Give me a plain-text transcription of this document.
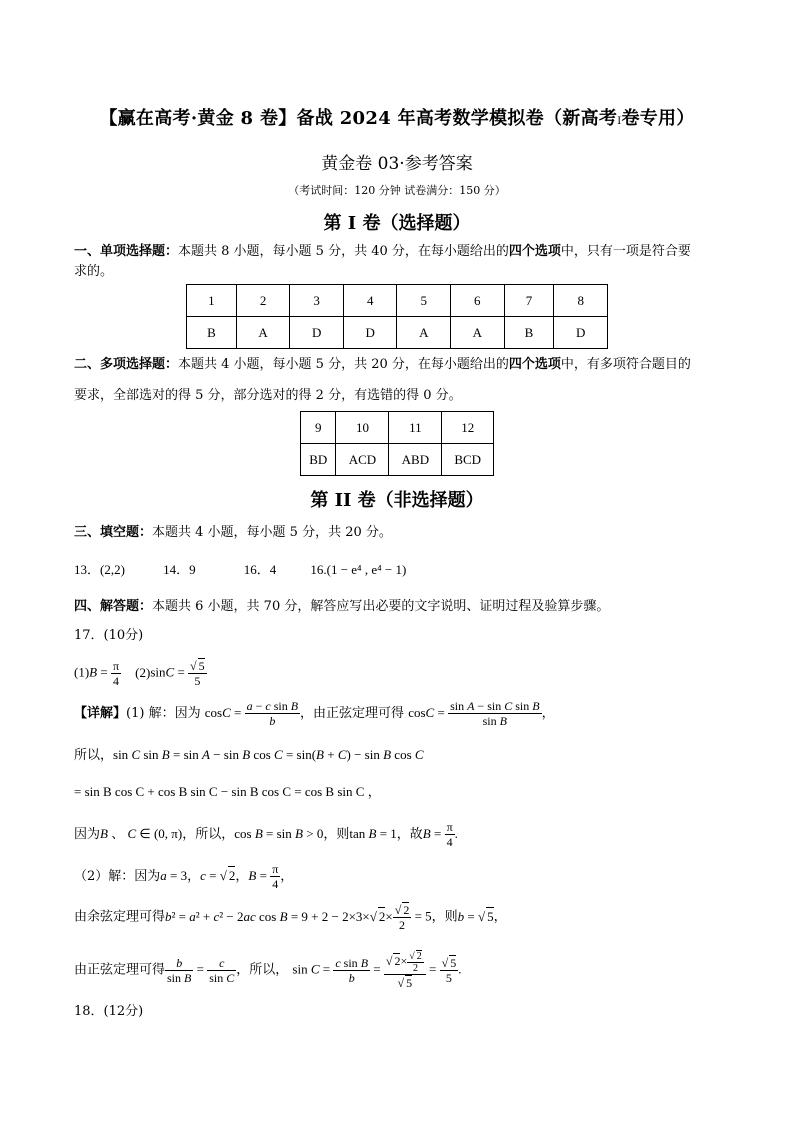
【赢在高考·黄金 8 卷】备战 2024 年高考数学模拟卷（新高考I卷专用）
黄金卷 03·参考答案
（考试时间：120 分钟 试卷满分：150 分）
第 I 卷（选择题）
一、单项选择题：本题共 8 小题，每小题 5 分，共 40 分，在每小题给出的四个选项中，只有一项是符合要
求的。
1	2	3	4	5	6	7	8
B	A	D	D	A	A	B	D
二、多项选择题：本题共 4 小题，每小题 5 分，共 20 分，在每小题给出的四个选项中，有多项符合题目的
要求，全部选对的得 5 分，部分选对的得 2 分，有选错的得 0 分。
9	10	11	12
BD	ACD	ABD	BCD
第 II 卷（非选择题）
三、填空题：本题共 4 小题，每小题 5 分，共 20 分。
13．(2,2)	14．9	16．4	16.(1 − e⁴ , e⁴ − 1)
四、解答题：本题共 6 小题，共 70 分，解答应写出必要的文字说明、证明过程及验算步骤。
17．(10分)
$(1)B = \frac{\pi}{4} (2)\sin C = \frac{√ 5}{5}$
【详解】(1) 解：因为 $\cos C = \frac{\text{a − c sin B}}{b}$ ，由正弦定理可得 $\cos C = \frac{\text{sin A − sin C sin B}}{\text{sin B}}$ ，
所以，sin C sin B = sin A − sin B cos C = sin(B + C) − sin B cos C
= sin B cos C + cos B sin C − sin B cos C = cos B sin C ，
因为B 、 C ∈ (0, π)，所以，cos B = sin B > 0，则tan B = 1，故$B = \frac{\pi}{4}$ .
（2）解：因为a = 3，c = √ 2，$B = \frac{\pi}{4}$ ，
由余弦定理可得b² = a² + c² − 2ac cos B = 9 + 2 − 2×3×√ $2\times \frac{√ 2}{2} = 5$，则b = √ 5，
由正弦定理可得 $\frac{b}{\text{sin B}} = \frac{c}{\text{sin C}}$ ，所以， $\sin C = \frac{\text{c sin B}}{b} = \frac{√ 2\times \frac{√ 2}{2}}{√ 5} = \frac{√ 5}{5}$ .
18．(12分)
